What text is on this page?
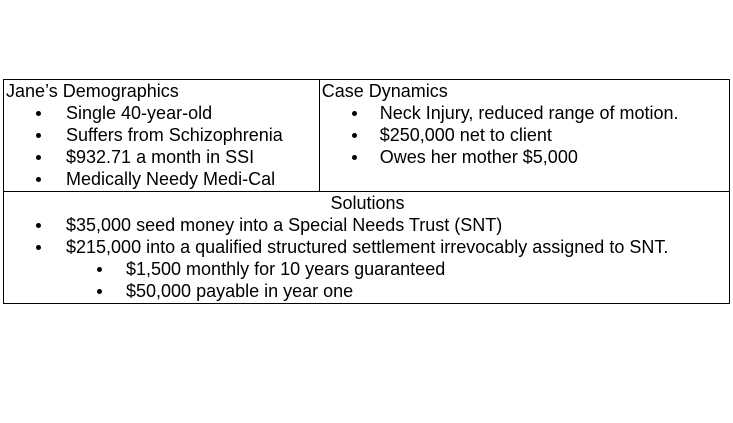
Jane’s Demographics
Single 40-year-old
Suffers from Schizophrenia
$932.71 a month in SSI
Medically Needy Medi-Cal

Case Dynamics
Neck Injury, reduced range of motion.
$250,000 net to client
Owes her mother $5,000

Solutions
$35,000 seed money into a Special Needs Trust (SNT)
$215,000 into a qualified structured settlement irrevocably assigned to SNT.
$1,500 monthly for 10 years guaranteed
$50,000 payable in year one
